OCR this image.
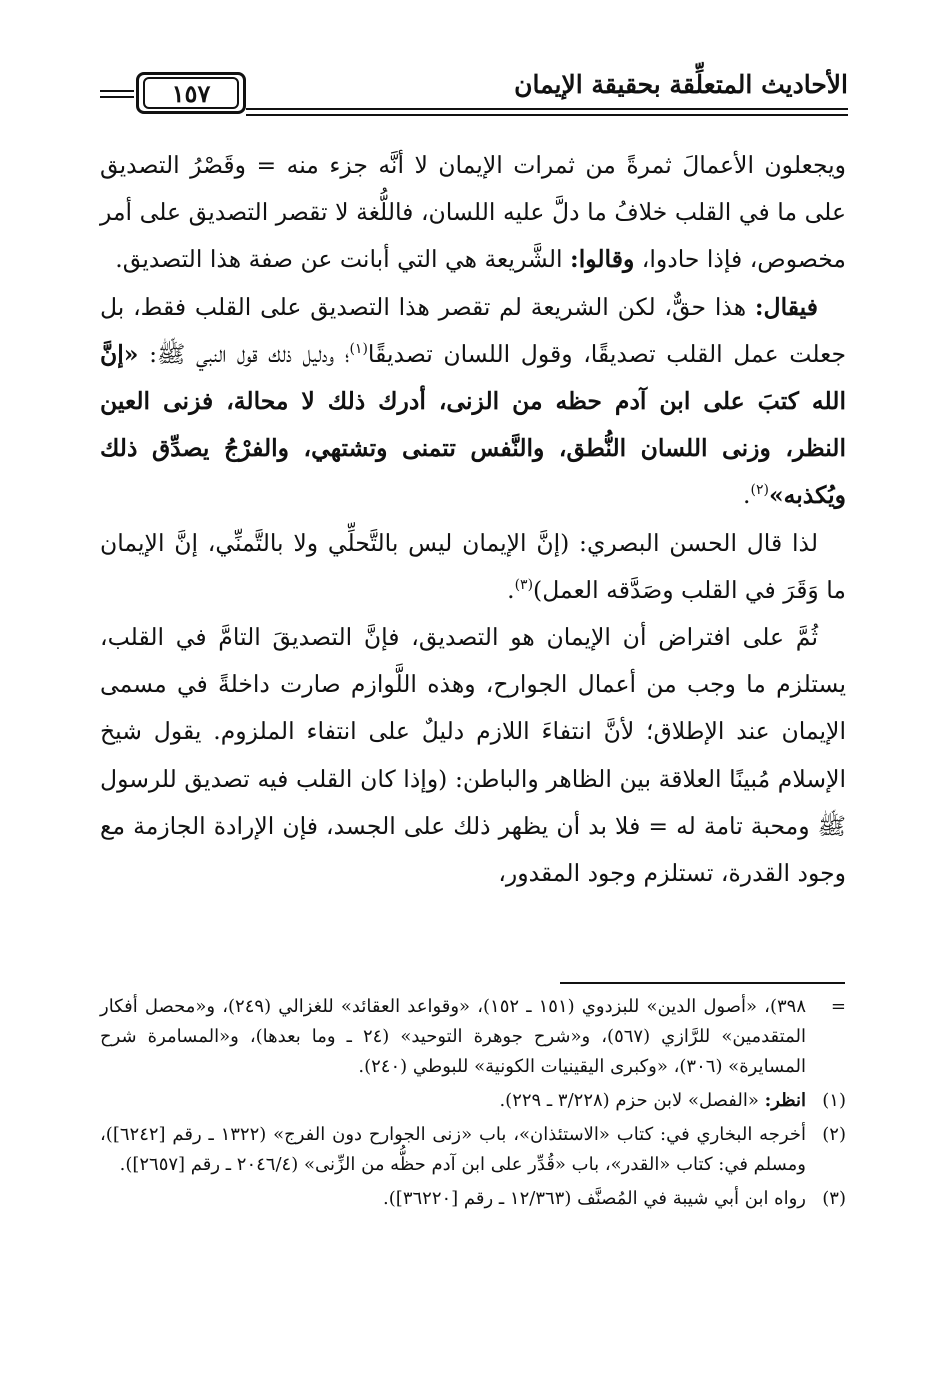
الأحاديث المتعلِّقة بحقيقة الإيمان
١٥٧

ويجعلون الأعمالَ ثمرةً من ثمرات الإيمان لا أنَّه جزء منه = وقَصْرُ التصديق على ما في القلب خلافُ ما دلَّ عليه اللسان، فاللُّغة لا تقصر التصديق على أمر مخصوص، فإذا حادوا، وقالوا: الشَّريعة هي التي أبانت عن صفة هذا التصديق.

فيقال: هذا حقٌّ، لكن الشريعة لم تقصر هذا التصديق على القلب فقط، بل جعلت عمل القلب تصديقًا، وقول اللسان تصديقًا$^{(١)}$؛ ودليل ذلك قول النبي ﷺ: «إنَّ الله كتبَ على ابن آدم حظه من الزنى، أدرك ذلك لا محالة، فزنى العين النظر، وزنى اللسان النُّطق، والنَّفس تتمنى وتشتهي، والفرْجُ يصدِّق ذلك ويُكذبه»$^{(٢)}$.

لذا قال الحسن البصري: (إنَّ الإيمان ليس بالتَّحلِّي ولا بالتَّمنِّي، إنَّ الإيمان ما وَقَرَ في القلب وصَدَّقه العمل)$^{(٣)}$.

ثُمَّ على افتراض أن الإيمان هو التصديق، فإنَّ التصديقَ التامَّ في القلب، يستلزم ما وجب من أعمال الجوارح، وهذه اللَّوازم صارت داخلةً في مسمى الإيمان عند الإطلاق؛ لأنَّ انتفاءَ اللازم دليلٌ على انتفاء الملزوم. يقول شيخ الإسلام مُبينًا العلاقة بين الظاهر والباطن: (وإذا كان القلب فيه تصديق للرسول ﷺ ومحبة تامة له = فلا بد أن يظهر ذلك على الجسد، فإن الإرادة الجازمة مع وجود القدرة، تستلزم وجود المقدور،

=
٣٩٨)، «أصول الدين» للبزدوي (١٥١ ـ ١٥٢)، «وقواعد العقائد» للغزالي (٢٤٩)، و«محصل أفكار المتقدمين» للرَّازي (٥٦٧)، و«شرح جوهرة التوحيد» (٢٤ ـ وما بعدها)، و«المسامرة شرح المسايرة» (٣٠٦)، «وكبرى اليقينيات الكونية» للبوطي (٢٤٠).
(١)
انظر: «الفصل» لابن حزم (٣/٢٢٨ ـ ٢٢٩).
(٢)
أخرجه البخاري في: كتاب «الاستئذان»، باب «زنى الجوارح دون الفرج» (١٣٢٢ ـ رقم [٦٢٤٢])، ومسلم في: كتاب «القدر»، باب «قُدِّر على ابن آدم حظُّه من الزِّنى» (٢٠٤٦/٤ ـ رقم [٢٦٥٧]).
(٣)
رواه ابن أبي شيبة في المُصنَّف (١٢/٣٦٣ ـ رقم [٣٦٢٢٠]).
